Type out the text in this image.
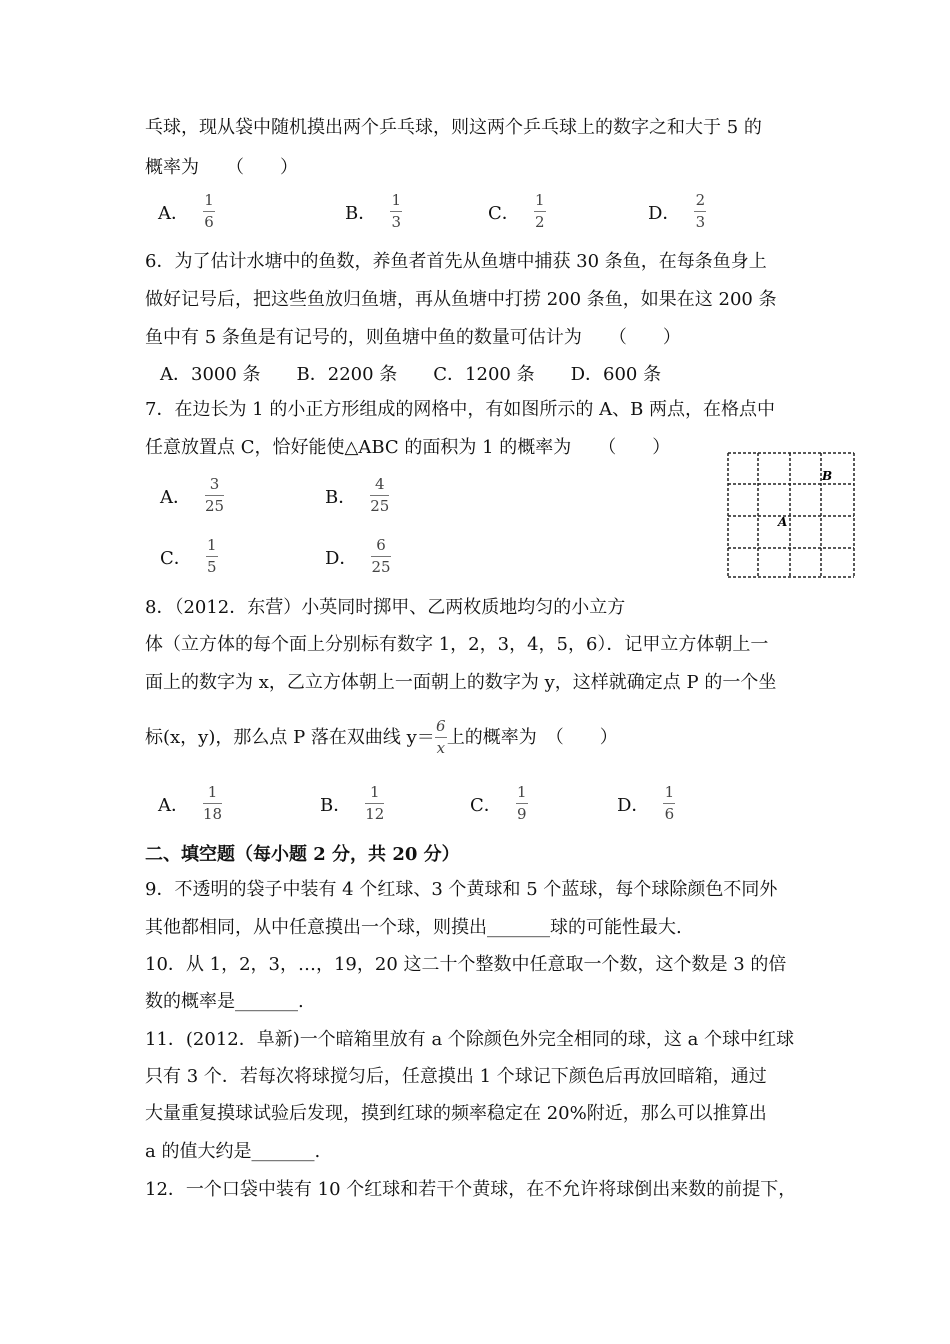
乓球，现从袋中随机摸出两个乒乓球，则这两个乒乓球上的数字之和大于 5 的
概率为　　（　　）
6．为了估计水塘中的鱼数，养鱼者首先从鱼塘中捕获 30 条鱼，在每条鱼身上
做好记号后，把这些鱼放归鱼塘，再从鱼塘中打捞 200 条鱼，如果在这 200 条
鱼中有 5 条鱼是有记号的，则鱼塘中鱼的数量可估计为　　（　　）
A．3000 条　　B．2200 条　　C．1200 条　　D．600 条
7．在边长为 1 的小正方形组成的网格中，有如图所示的 A、B 两点，在格点中
任意放置点 C，恰好能使△ABC 的面积为 1 的概率为　　（　　）
B
A
8．（2012．东营）小英同时掷甲、乙两枚质地均匀的小立方
体（立方体的每个面上分别标有数字 1，2，3，4，5，6）．记甲立方体朝上一
面上的数字为 x，乙立方体朝上一面朝上的数字为 y，这样就确定点 P 的一个坐
标(x，y)，那么点 P 落在双曲线 $y= \frac{6}{x}$ 上的概率为　（　　）
二、填空题（每小题 2 分，共 20 分）
9．不透明的袋子中装有 4 个红球、3 个黄球和 5 个蓝球，每个球除颜色不同外
其他都相同，从中任意摸出一个球，则摸出_______球的可能性最大.
10．从 1，2，3，…，19，20 这二十个整数中任意取一个数，这个数是 3 的倍
数的概率是_______.
11．(2012．阜新)一个暗箱里放有 a 个除颜色外完全相同的球，这 a 个球中红球
只有 3 个．若每次将球搅匀后，任意摸出 1 个球记下颜色后再放回暗箱，通过
大量重复摸球试验后发现，摸到红球的频率稳定在 20%附近，那么可以推算出
a 的值大约是_______.
12．一个口袋中装有 10 个红球和若干个黄球，在不允许将球倒出来数的前提下，
A． $\frac{1}{6}$	B． $\frac{1}{3}$	C． $\frac{1}{2}$	D． $\frac{2}{3}$
A． $\frac{3}{25}$	B． $\frac{4}{25}$
C． $\frac{1}{5}$	D． $\frac{6}{25}$
A． $\frac{1}{18}$	B． $\frac{1}{12}$	C． $\frac{1}{9}$	D． $\frac{1}{6}$
